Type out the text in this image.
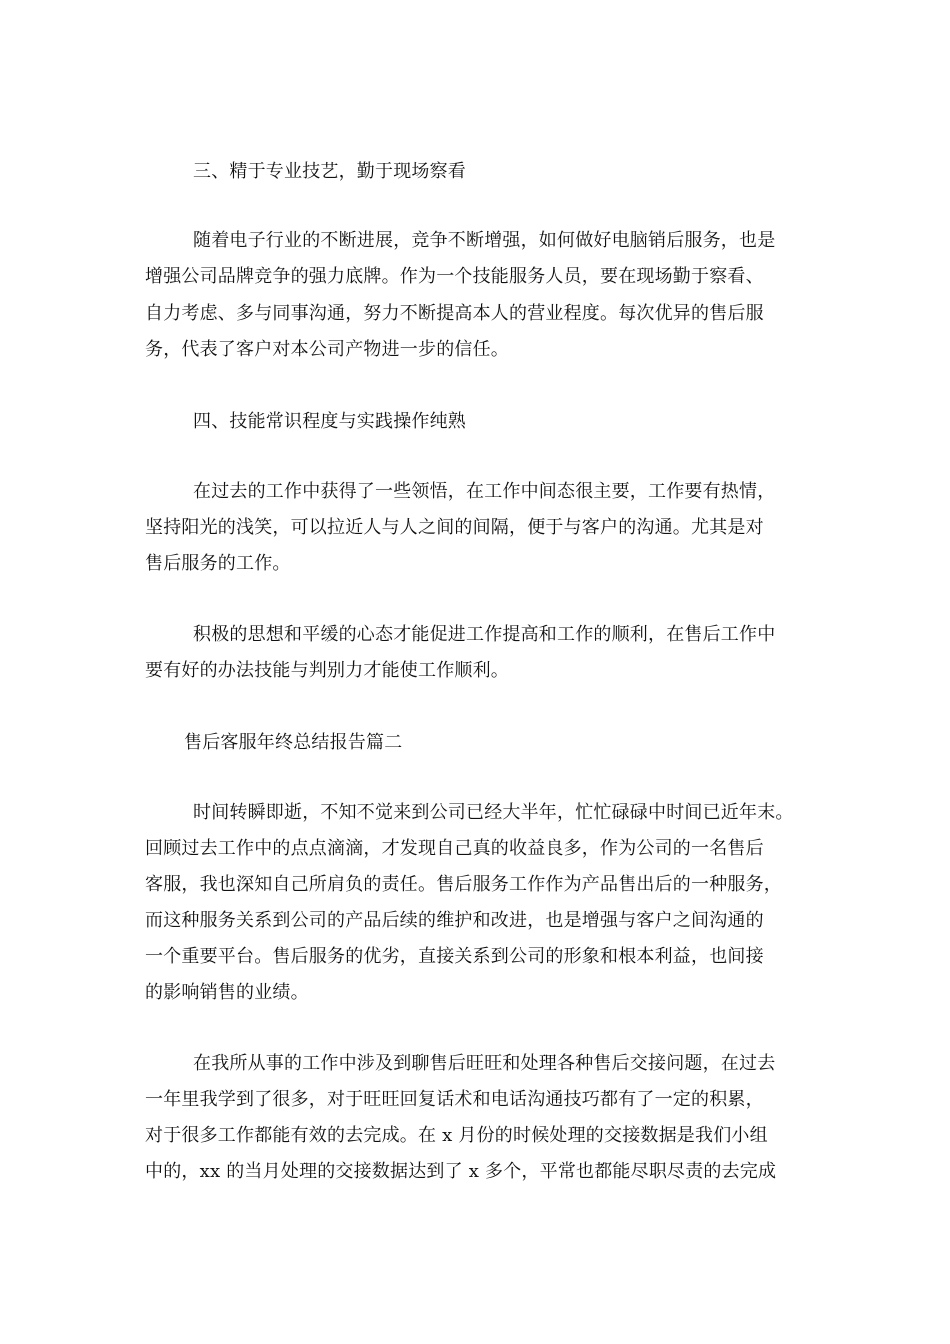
三、精于专业技艺，勤于现场察看
随着电子行业的不断进展，竞争不断增强，如何做好电脑销后服务，也是
增强公司品牌竞争的强力底牌。作为一个技能服务人员，要在现场勤于察看、
自力考虑、多与同事沟通，努力不断提高本人的营业程度。每次优异的售后服
务，代表了客户对本公司产物进一步的信任。
四、技能常识程度与实践操作纯熟
在过去的工作中获得了一些领悟，在工作中间态很主要，工作要有热情，
坚持阳光的浅笑，可以拉近人与人之间的间隔，便于与客户的沟通。尤其是对
售后服务的工作。
积极的思想和平缓的心态才能促进工作提高和工作的顺利，在售后工作中
要有好的办法技能与判别力才能使工作顺利。
售后客服年终总结报告篇二
时间转瞬即逝，不知不觉来到公司已经大半年，忙忙碌碌中时间已近年末。
回顾过去工作中的点点滴滴，才发现自己真的收益良多，作为公司的一名售后
客服，我也深知自己所肩负的责任。售后服务工作作为产品售出后的一种服务，
而这种服务关系到公司的产品后续的维护和改进，也是增强与客户之间沟通的
一个重要平台。售后服务的优劣，直接关系到公司的形象和根本利益，也间接
的影响销售的业绩。
在我所从事的工作中涉及到聊售后旺旺和处理各种售后交接问题，在过去
一年里我学到了很多，对于旺旺回复话术和电话沟通技巧都有了一定的积累，
对于很多工作都能有效的去完成。在 x 月份的时候处理的交接数据是我们小组
中的，xx 的当月处理的交接数据达到了 x 多个，平常也都能尽职尽责的去完成
